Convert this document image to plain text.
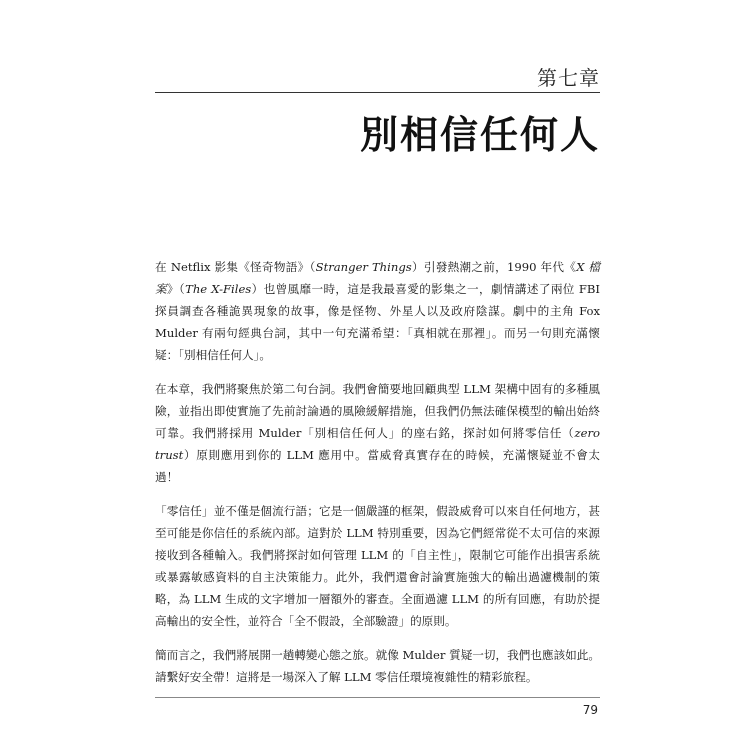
第七章
別相信任何人

在 Netflix 影集《怪奇物語》（Stranger Things）引發熱潮之前，1990 年代《X 檔案》（The X-Files）也曾風靡一時，這是我最喜愛的影集之一，劇情講述了兩位 FBI 探員調查各種詭異現象的故事，像是怪物、外星人以及政府陰謀。劇中的主角 Fox Mulder 有兩句經典台詞，其中一句充滿希望：「真相就在那裡」。而另一句則充滿懷疑：「別相信任何人」。

在本章，我們將聚焦於第二句台詞。我們會簡要地回顧典型 LLM 架構中固有的多種風險，並指出即使實施了先前討論過的風險緩解措施，但我們仍無法確保模型的輸出始終可靠。我們將採用 Mulder「別相信任何人」的座右銘，探討如何將零信任（zero trust）原則應用到你的 LLM 應用中。當威脅真實存在的時候，充滿懷疑並不會太過！

「零信任」並不僅是個流行語；它是一個嚴謹的框架，假設威脅可以來自任何地方，甚至可能是你信任的系統內部。這對於 LLM 特別重要，因為它們經常從不太可信的來源接收到各種輸入。我們將探討如何管理 LLM 的「自主性」，限制它可能作出損害系統或暴露敏感資料的自主決策能力。此外，我們還會討論實施強大的輸出過濾機制的策略，為 LLM 生成的文字增加一層額外的審查。全面過濾 LLM 的所有回應，有助於提高輸出的安全性，並符合「全不假設，全部驗證」的原則。

簡而言之，我們將展開一趟轉變心態之旅。就像 Mulder 質疑一切，我們也應該如此。請繫好安全帶！這將是一場深入了解 LLM 零信任環境複雜性的精彩旅程。

79
